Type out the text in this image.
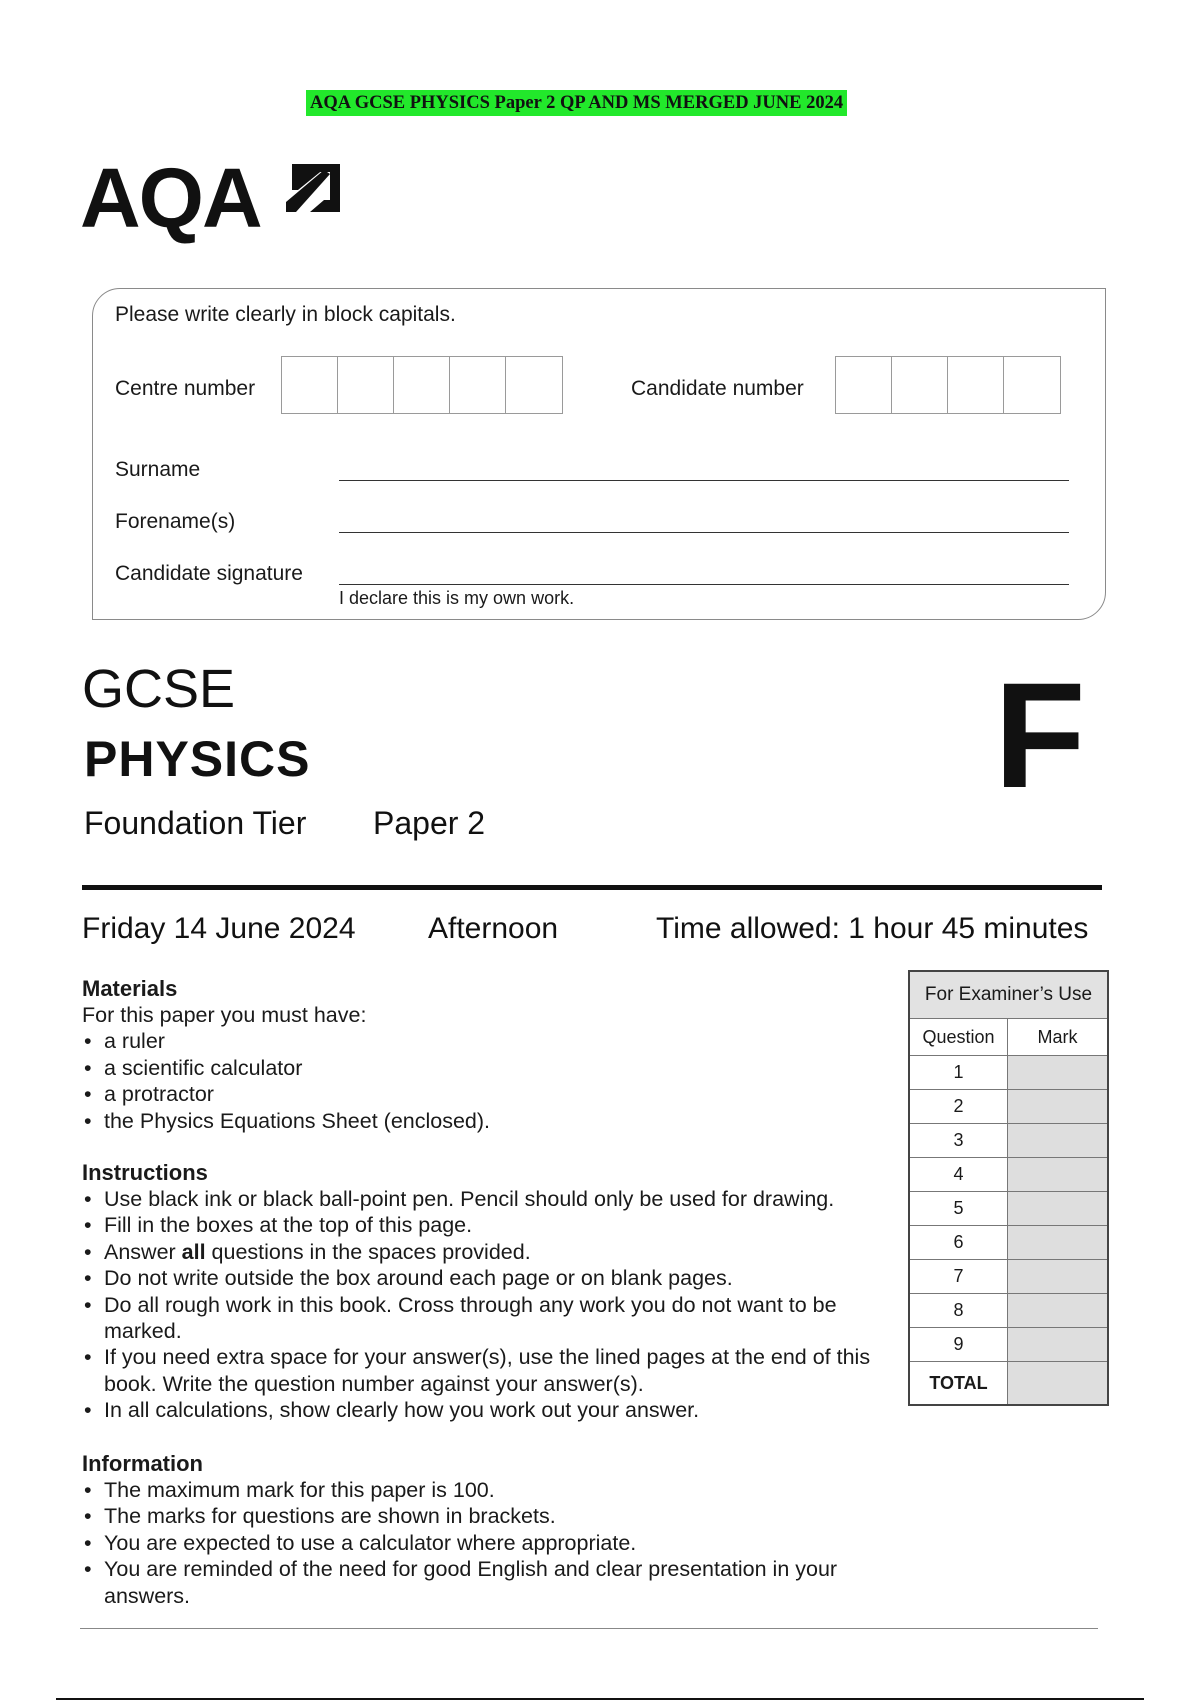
AQA GCSE PHYSICS Paper 2 QP AND MS MERGED JUNE 2024
AQA
Please write clearly in block capitals.
Centre number	Candidate number
Surname
Forename(s)
Candidate signature
I declare this is my own work.
GCSE
PHYSICS
Foundation Tier Paper 2
F
Friday 14 June 2024 Afternoon	Time allowed: 1 hour 45 minutes
Materials
For this paper you must have:
• a ruler
• a scientific calculator
• a protractor
• the Physics Equations Sheet (enclosed).
Instructions
• Use black ink or black ball-point pen. Pencil should only be used for drawing.
• Fill in the boxes at the top of this page.
• Answer all questions in the spaces provided.
• Do not write outside the box around each page or on blank pages.
• Do all rough work in this book. Cross through any work you do not want to be marked.
• If you need extra space for your answer(s), use the lined pages at the end of this book. Write the question number against your answer(s).
• In all calculations, show clearly how you work out your answer.
Information
• The maximum mark for this paper is 100.
• The marks for questions are shown in brackets.
• You are expected to use a calculator where appropriate.
• You are reminded of the need for good English and clear presentation in your answers.
For Examiner’s Use	
Question	Mark
1	
2	
3	
4	
5	
6	
7	
8	
9	
TOTAL	
